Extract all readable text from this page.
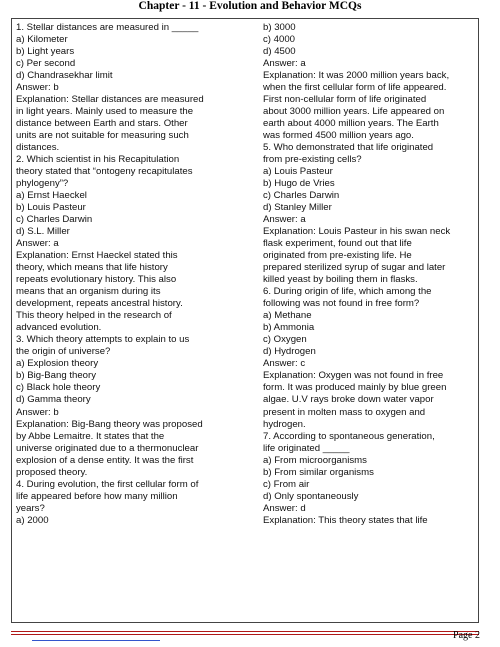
Chapter - 11 - Evolution and Behavior MCQs
1. Stellar distances are measured in _____
a) Kilometer
b) Light years
c) Per second
d) Chandrasekhar limit
Answer: b
Explanation: Stellar distances are measured
in light years. Mainly used to measure the
distance between Earth and stars. Other
units are not suitable for measuring such
distances.
2. Which scientist in his Recapitulation
theory stated that “ontogeny recapitulates
phylogeny”?
a) Ernst Haeckel
b) Louis Pasteur
c) Charles Darwin
d) S.L. Miller
Answer: a
Explanation: Ernst Haeckel stated this
theory, which means that life history
repeats evolutionary history. This also
means that an organism during its
development, repeats ancestral history.
This theory helped in the research of
advanced evolution.
3. Which theory attempts to explain to us
the origin of universe?
a) Explosion theory
b) Big-Bang theory
c) Black hole theory
d) Gamma theory
Answer: b
Explanation: Big-Bang theory was proposed
by Abbe Lemaitre. It states that the
universe originated due to a thermonuclear
explosion of a dense entity. It was the first
proposed theory.
4. During evolution, the first cellular form of
life appeared before how many million
years?
a) 2000
b) 3000
c) 4000
d) 4500
Answer: a
Explanation: It was 2000 million years back,
when the first cellular form of life appeared.
First non-cellular form of life originated
about 3000 million years. Life appeared on
earth about 4000 million years. The Earth
was formed 4500 million years ago.
5. Who demonstrated that life originated
from pre-existing cells?
a) Louis Pasteur
b) Hugo de Vries
c) Charles Darwin
d) Stanley Miller
Answer: a
Explanation: Louis Pasteur in his swan neck
flask experiment, found out that life
originated from pre-existing life. He
prepared sterilized syrup of sugar and later
killed yeast by boiling them in flasks.
6. During origin of life, which among the
following was not found in free form?
a) Methane
b) Ammonia
c) Oxygen
d) Hydrogen
Answer: c
Explanation: Oxygen was not found in free
form. It was produced mainly by blue green
algae. U.V rays broke down water vapor
present in molten mass to oxygen and
hydrogen.
7. According to spontaneous generation,
life originated _____
a) From microorganisms
b) From similar organisms
c) From air
d) Only spontaneously
Answer: d
Explanation: This theory states that life
Page 2
